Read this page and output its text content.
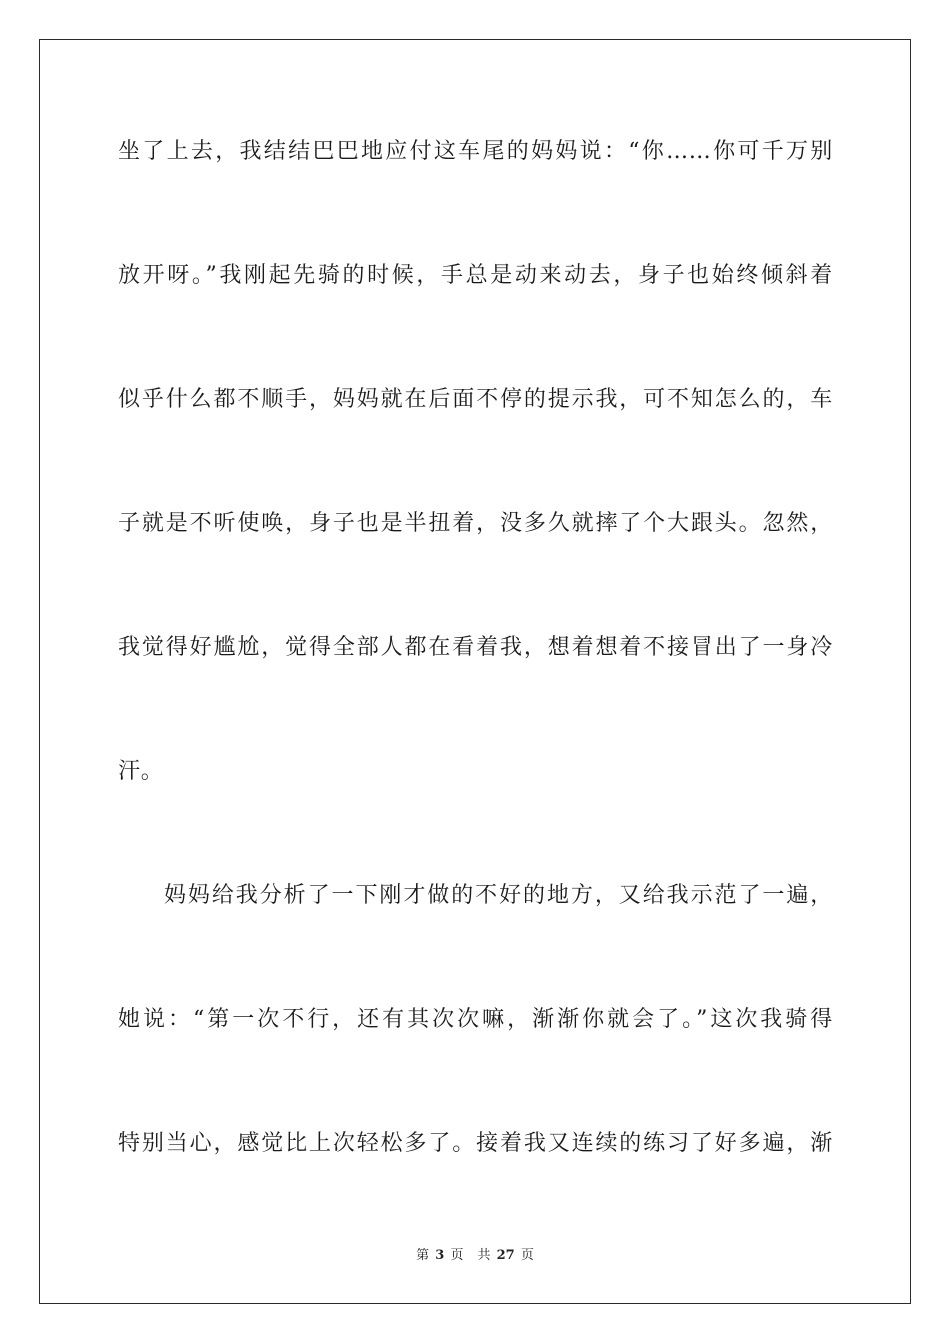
坐了上去，我结结巴巴地应付这车尾的妈妈说：“你……你可千万别
放开呀。”我刚起先骑的时候，手总是动来动去，身子也始终倾斜着
似乎什么都不顺手，妈妈就在后面不停的提示我，可不知怎么的，车
子就是不听使唤，身子也是半扭着，没多久就摔了个大跟头。忽然，
我觉得好尴尬，觉得全部人都在看着我，想着想着不接冒出了一身冷
汗。
妈妈给我分析了一下刚才做的不好的地方，又给我示范了一遍，
她说：“第一次不行，还有其次次嘛，渐渐你就会了。”这次我骑得
特别当心，感觉比上次轻松多了。接着我又连续的练习了好多遍，渐
第 3 页 共 27 页
